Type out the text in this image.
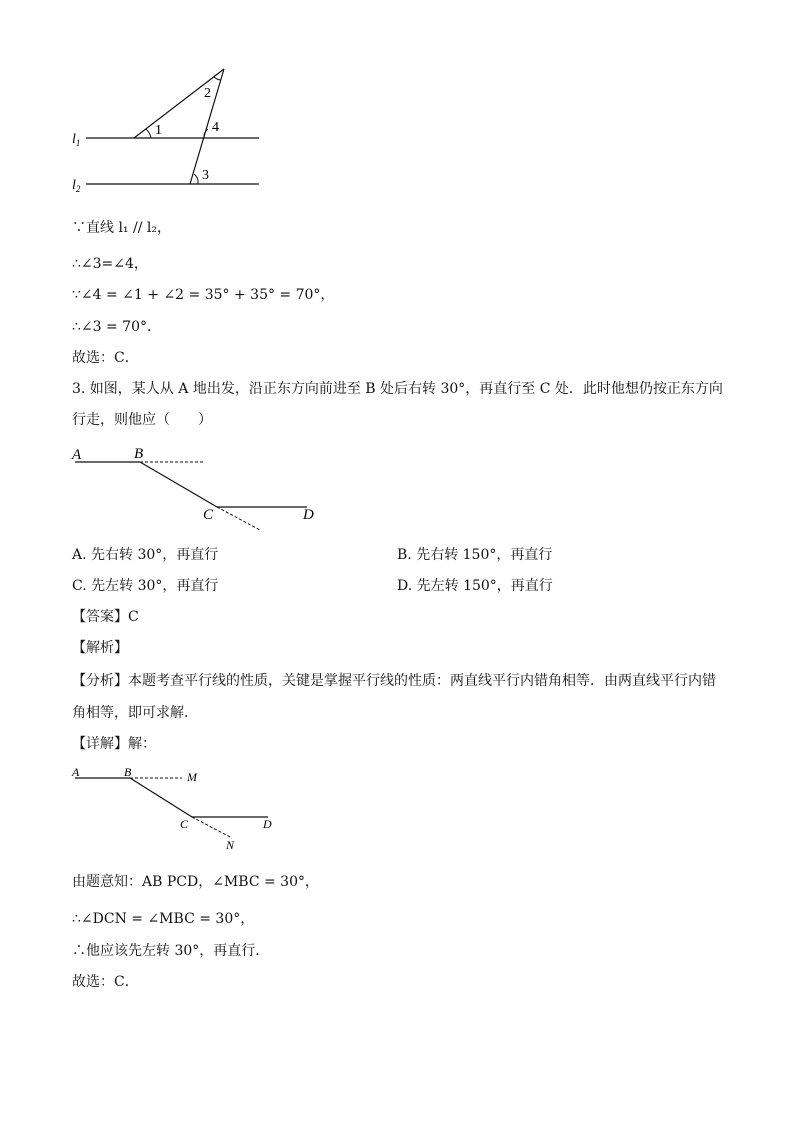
$l_1$
$l_2$
1
2
4
3
∵直线 l₁ // l₂，
∴∠3=∠4，
∵∠4 = ∠1 + ∠2 = 35° + 35° = 70°，
∴∠3 = 70°．
故选：C．
3. 如图，某人从 A 地出发，沿正东方向前进至 B 处后右转 30°，再直行至 C 处．此时他想仍按正东方向
行走，则他应（　　）
A	B
C	D
A. 先右转 30°，再直行	B. 先右转 150°，再直行
C. 先左转 30°，再直行	D. 先左转 150°，再直行
【答案】C
【解析】
【分析】本题考查平行线的性质，关键是掌握平行线的性质：两直线平行内错角相等．由两直线平行内错
角相等，即可求解．
【详解】解：
A	B	M
C	D
N
由题意知：AB PCD，∠MBC = 30°，
∴∠DCN = ∠MBC = 30°，
∴他应该先左转 30°，再直行．
故选：C．
